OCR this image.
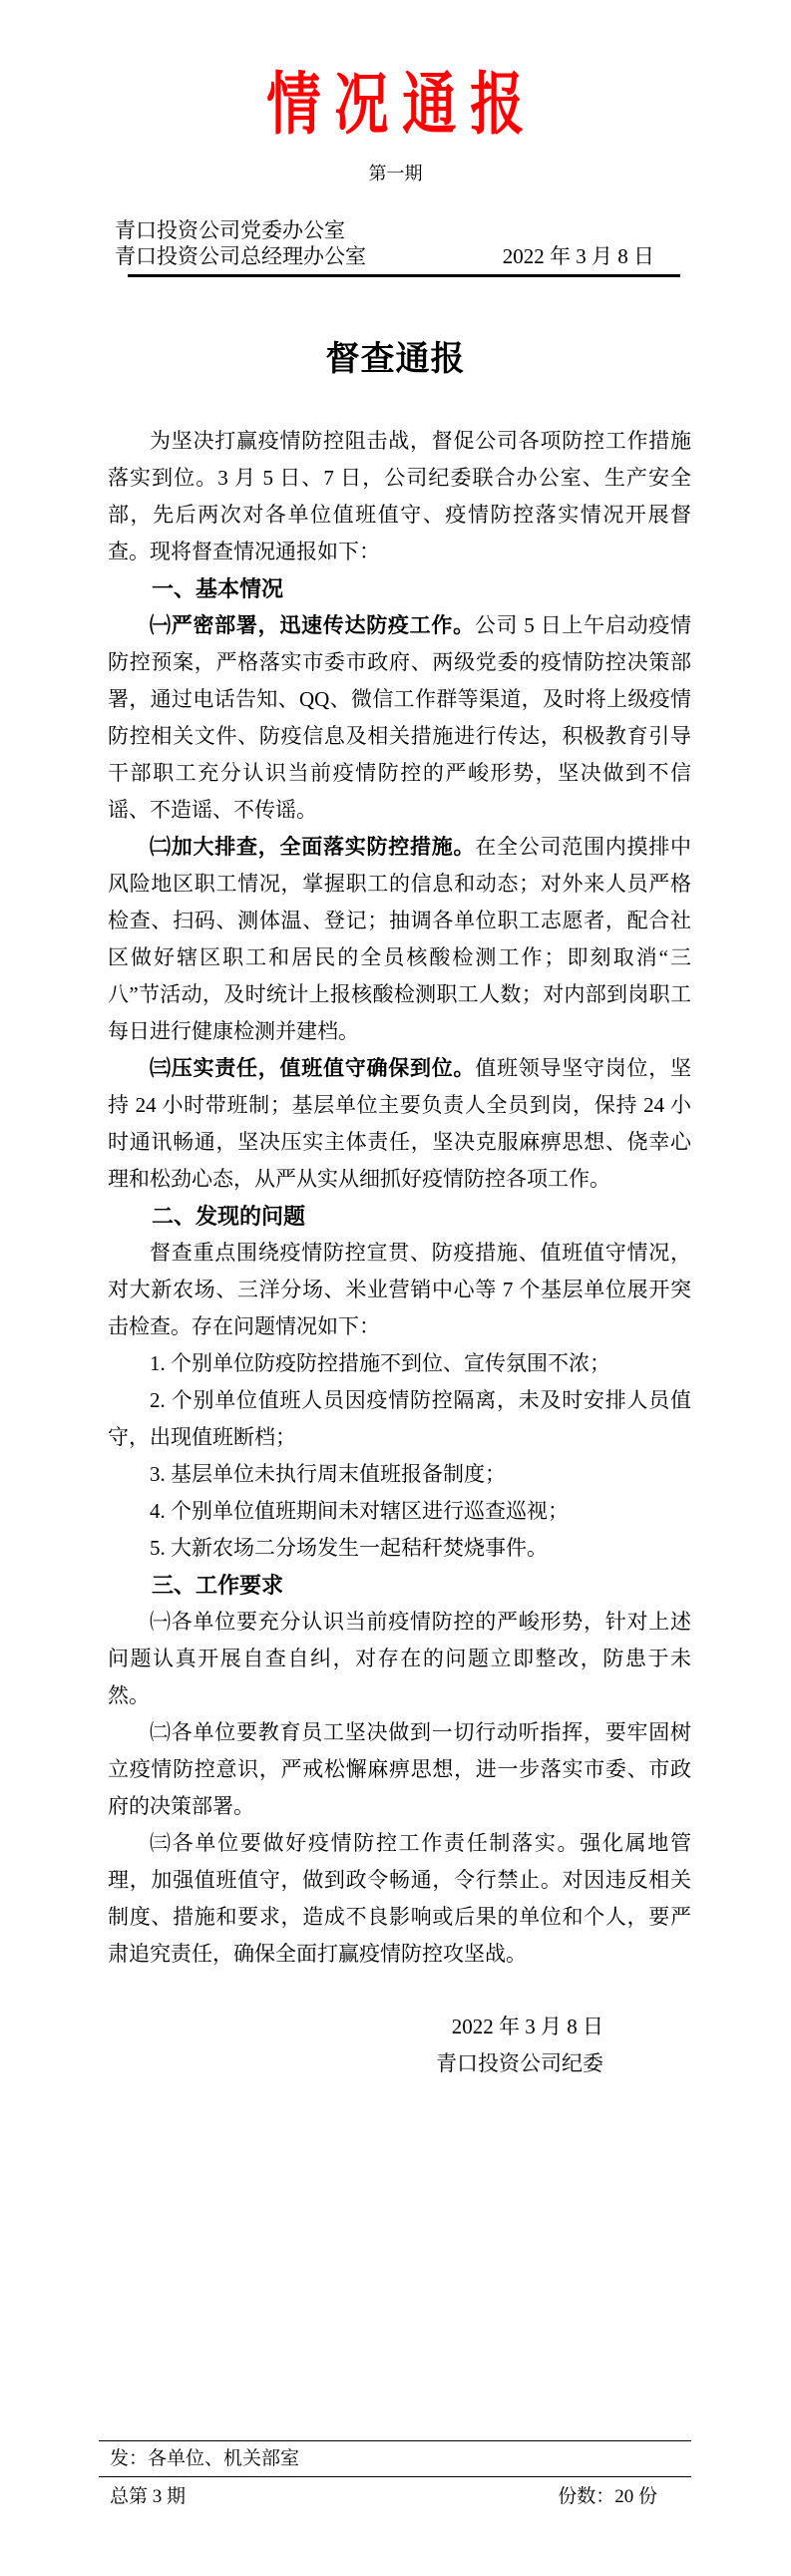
情 况 通 报
第一期
青口投资公司党委办公室
青口投资公司总经理办公室	2022 年 3 月 8 日
督查通报

为坚决打赢疫情防控阻击战，督促公司各项防控工作措施落实到位。3 月 5 日、7 日，公司纪委联合办公室、生产安全部，先后两次对各单位值班值守、疫情防控落实情况开展督查。现将督查情况通报如下：

一、基本情况

㈠严密部署，迅速传达防疫工作。公司 5 日上午启动疫情防控预案，严格落实市委市政府、两级党委的疫情防控决策部署，通过电话告知、QQ、微信工作群等渠道，及时将上级疫情防控相关文件、防疫信息及相关措施进行传达，积极教育引导干部职工充分认识当前疫情防控的严峻形势，坚决做到不信谣、不造谣、不传谣。

㈡加大排查，全面落实防控措施。在全公司范围内摸排中风险地区职工情况，掌握职工的信息和动态；对外来人员严格检查、扫码、测体温、登记；抽调各单位职工志愿者，配合社区做好辖区职工和居民的全员核酸检测工作；即刻取消“三八”节活动，及时统计上报核酸检测职工人数；对内部到岗职工每日进行健康检测并建档。

㈢压实责任，值班值守确保到位。值班领导坚守岗位，坚持 24 小时带班制；基层单位主要负责人全员到岗，保持 24 小时通讯畅通，坚决压实主体责任，坚决克服麻痹思想、侥幸心理和松劲心态，从严从实从细抓好疫情防控各项工作。

二、发现的问题

督查重点围绕疫情防控宣贯、防疫措施、值班值守情况，对大新农场、三洋分场、米业营销中心等 7 个基层单位展开突击检查。存在问题情况如下：

1. 个别单位防疫防控措施不到位、宣传氛围不浓；

2. 个别单位值班人员因疫情防控隔离，未及时安排人员值守，出现值班断档；

3. 基层单位未执行周末值班报备制度；

4. 个别单位值班期间未对辖区进行巡查巡视；

5. 大新农场二分场发生一起秸秆焚烧事件。

三、工作要求

㈠各单位要充分认识当前疫情防控的严峻形势，针对上述问题认真开展自查自纠，对存在的问题立即整改，防患于未然。

㈡各单位要教育员工坚决做到一切行动听指挥，要牢固树立疫情防控意识，严戒松懈麻痹思想，进一步落实市委、市政府的决策部署。

㈢各单位要做好疫情防控工作责任制落实。强化属地管理，加强值班值守，做到政令畅通，令行禁止。对因违反相关制度、措施和要求，造成不良影响或后果的单位和个人，要严肃追究责任，确保全面打赢疫情防控攻坚战。

2022 年 3 月 8 日
青口投资公司纪委
发：各单位、机关部室
总第 3 期	份数：20 份
